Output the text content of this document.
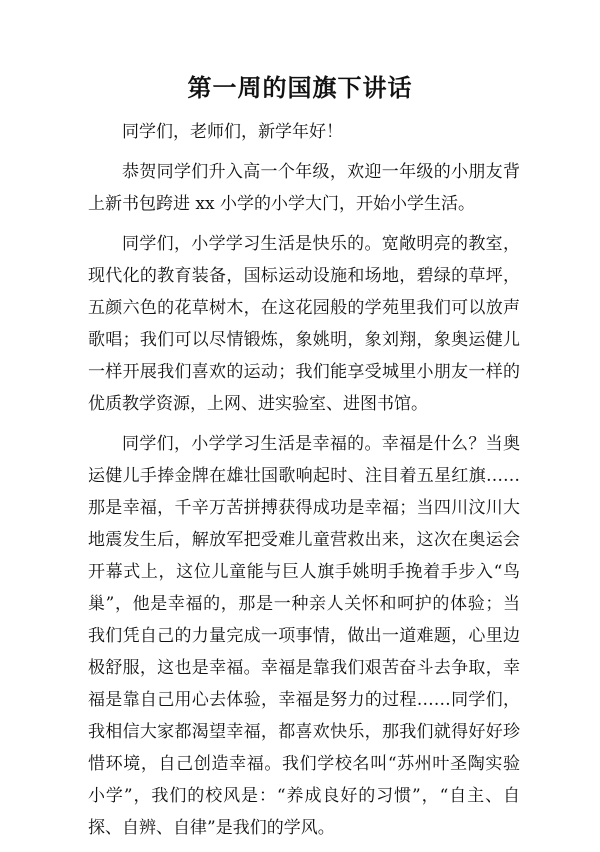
第一周的国旗下讲话

同学们，老师们，新学年好！

恭贺同学们升入高一个年级，欢迎一年级的小朋友背上新书包跨进 xx 小学的小学大门，开始小学生活。

同学们，小学学习生活是快乐的。宽敞明亮的教室，现代化的教育装备，国标运动设施和场地，碧绿的草坪，五颜六色的花草树木，在这花园般的学苑里我们可以放声歌唱；我们可以尽情锻炼，象姚明，象刘翔，象奥运健儿一样开展我们喜欢的运动；我们能享受城里小朋友一样的优质教学资源，上网、进实验室、进图书馆。

同学们，小学学习生活是幸福的。幸福是什么？当奥运健儿手捧金牌在雄壮国歌响起时、注目着五星红旗……那是幸福，千辛万苦拼搏获得成功是幸福；当四川汶川大地震发生后，解放军把受难儿童营救出来，这次在奥运会开幕式上，这位儿童能与巨人旗手姚明手挽着手步入“鸟巢”，他是幸福的，那是一种亲人关怀和呵护的体验；当我们凭自己的力量完成一项事情，做出一道难题，心里边极舒服，这也是幸福。幸福是靠我们艰苦奋斗去争取，幸福是靠自己用心去体验，幸福是努力的过程……同学们，我相信大家都渴望幸福，都喜欢快乐，那我们就得好好珍惜环境，自己创造幸福。我们学校名叫“苏州叶圣陶实验小学”，我们的校风是：“养成良好的习惯”，“自主、自探、自辨、自律”是我们的学风。
